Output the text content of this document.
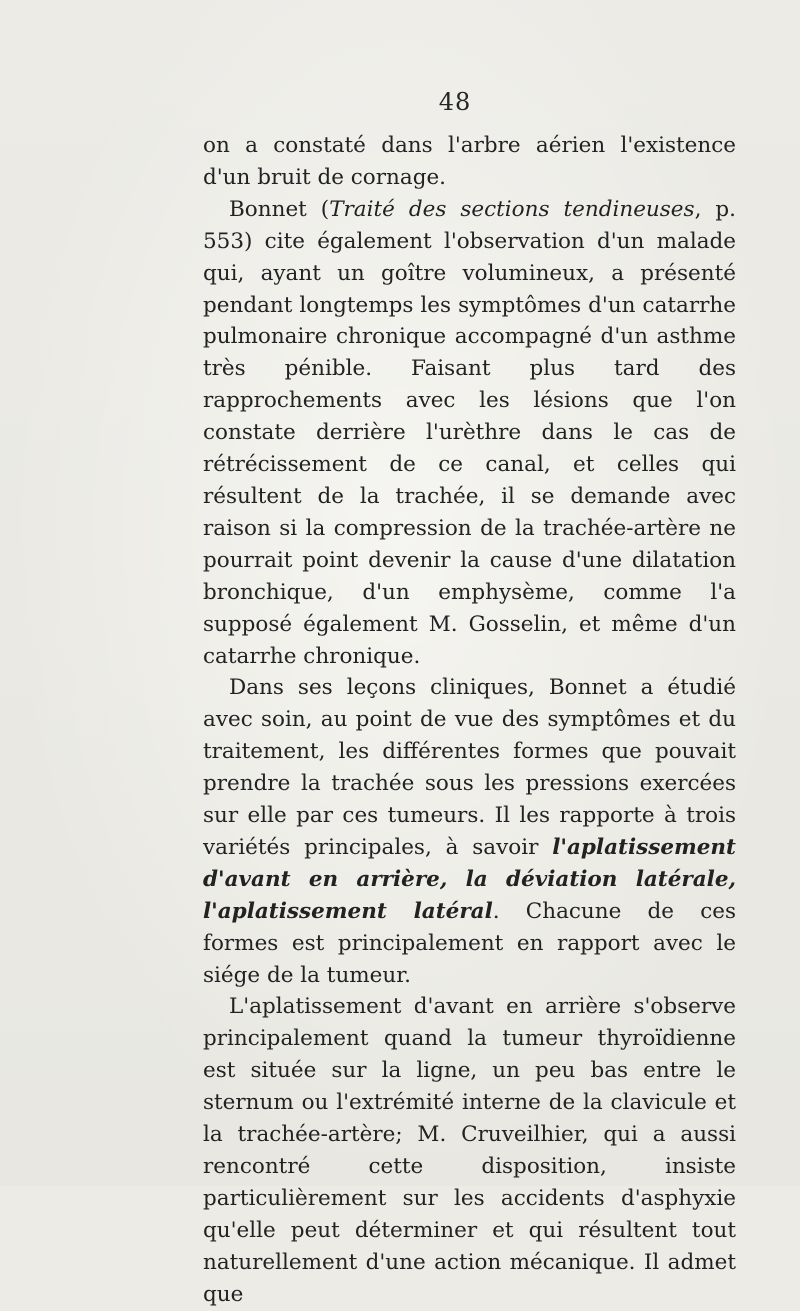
48

on a constaté dans l'arbre aérien l'existence d'un bruit de cornage.

Bonnet (Traité des sections tendineuses, p. 553) cite également l'observation d'un malade qui, ayant un goître volumineux, a présenté pendant longtemps les symptômes d'un catarrhe pulmonaire chronique accompagné d'un asthme très pénible. Faisant plus tard des rapprochements avec les lésions que l'on constate derrière l'urèthre dans le cas de rétrécissement de ce canal, et celles qui résultent de la trachée, il se demande avec raison si la compression de la trachée-artère ne pourrait point devenir la cause d'une dilatation bronchique, d'un emphysème, comme l'a supposé également M. Gosselin, et même d'un catarrhe chronique.

Dans ses leçons cliniques, Bonnet a étudié avec soin, au point de vue des symptômes et du traitement, les différentes formes que pouvait prendre la trachée sous les pressions exercées sur elle par ces tumeurs. Il les rapporte à trois variétés principales, à savoir l'aplatissement d'avant en arrière, la déviation latérale, l'aplatissement latéral. Chacune de ces formes est principalement en rapport avec le siége de la tumeur.

L'aplatissement d'avant en arrière s'observe principalement quand la tumeur thyroïdienne est située sur la ligne, un peu bas entre le sternum ou l'extrémité interne de la clavicule et la trachée-artère; M. Cruveilhier, qui a aussi rencontré cette disposition, insiste particulièrement sur les accidents d'asphyxie qu'elle peut déterminer et qui résultent tout naturellement d'une action mécanique. Il admet que
